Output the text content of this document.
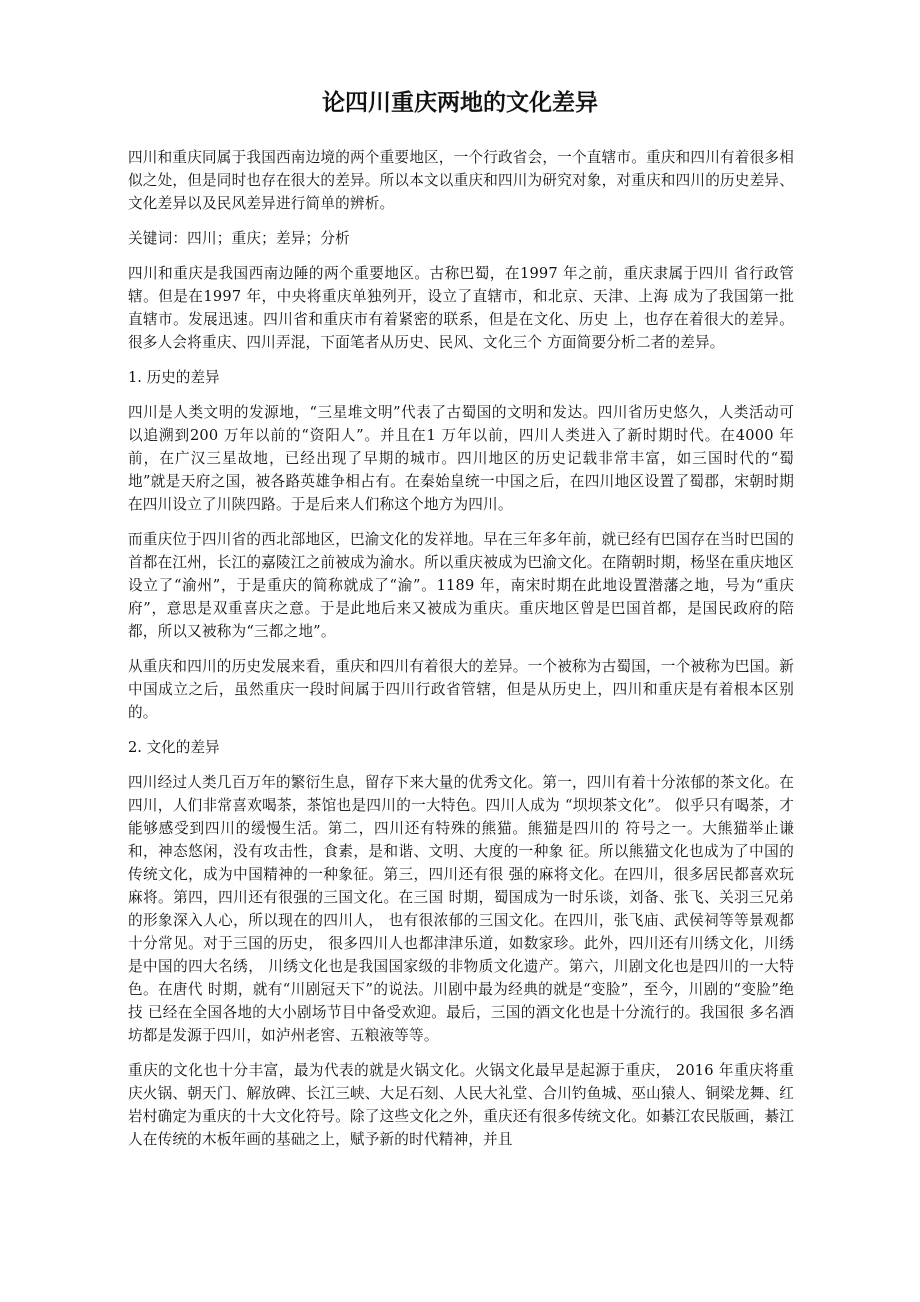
论四川重庆两地的文化差异

四川和重庆同属于我国西南边境的两个重要地区，一个行政省会，一个直辖市。重庆和四川有着很多相似之处，但是同时也存在很大的差异。所以本文以重庆和四川为研究对象，对重庆和四川的历史差异、文化差异以及民风差异进行简单的辨析。

关键词：四川；重庆；差异；分析

四川和重庆是我国西南边陲的两个重要地区。古称巴蜀，在1997 年之前，重庆隶属于四川 省行政管辖。但是在1997 年，中央将重庆单独列开，设立了直辖市，和北京、天津、上海 成为了我国第一批直辖市。发展迅速。四川省和重庆市有着紧密的联系，但是在文化、历史 上，也存在着很大的差异。很多人会将重庆、四川弄混，下面笔者从历史、民风、文化三个 方面简要分析二者的差异。

1. 历史的差异

四川是人类文明的发源地，“三星堆文明”代表了古蜀国的文明和发达。四川省历史悠久，人类活动可以追溯到200 万年以前的“资阳人”。并且在1 万年以前，四川人类进入了新时期时代。在4000 年前，在广汉三星故地，已经出现了早期的城市。四川地区的历史记载非常丰富，如三国时代的“蜀地”就是天府之国，被各路英雄争相占有。在秦始皇统一中国之后，在四川地区设置了蜀郡，宋朝时期在四川设立了川陕四路。于是后来人们称这个地方为四川。

而重庆位于四川省的西北部地区，巴渝文化的发祥地。早在三年多年前，就已经有巴国存在当时巴国的首都在江州，长江的嘉陵江之前被成为渝水。所以重庆被成为巴渝文化。在隋朝时期，杨坚在重庆地区设立了“渝州”，于是重庆的简称就成了“渝”。1189 年，南宋时期在此地设置潜藩之地，号为“重庆府”，意思是双重喜庆之意。于是此地后来又被成为重庆。重庆地区曾是巴国首都，是国民政府的陪都，所以又被称为“三都之地”。

从重庆和四川的历史发展来看，重庆和四川有着很大的差异。一个被称为古蜀国，一个被称为巴国。新中国成立之后，虽然重庆一段时间属于四川行政省管辖，但是从历史上，四川和重庆是有着根本区别的。

2. 文化的差异

四川经过人类几百万年的繁衍生息，留存下来大量的优秀文化。第一，四川有着十分浓郁的茶文化。在四川，人们非常喜欢喝茶，茶馆也是四川的一大特色。四川人成为 “坝坝茶文化”。 似乎只有喝茶，才能够感受到四川的缓慢生活。第二，四川还有特殊的熊猫。熊猫是四川的 符号之一。大熊猫举止谦和，神态悠闲，没有攻击性，食素，是和谐、文明、大度的一种象 征。所以熊猫文化也成为了中国的传统文化，成为中国精神的一种象征。第三，四川还有很 强的麻将文化。在四川，很多居民都喜欢玩麻将。第四，四川还有很强的三国文化。在三国 时期，蜀国成为一时乐谈，刘备、张飞、关羽三兄弟的形象深入人心，所以现在的四川人， 也有很浓郁的三国文化。在四川，张飞庙、武侯祠等等景观都十分常见。对于三国的历史， 很多四川人也都津津乐道，如数家珍。此外，四川还有川绣文化，川绣是中国的四大名绣， 川绣文化也是我国国家级的非物质文化遗产。第六，川剧文化也是四川的一大特色。在唐代 时期，就有“川剧冠天下”的说法。川剧中最为经典的就是“变脸”，至今，川剧的“变脸”绝技 已经在全国各地的大小剧场节目中备受欢迎。最后，三国的酒文化也是十分流行的。我国很 多名酒坊都是发源于四川，如泸州老窖、五粮液等等。

重庆的文化也十分丰富，最为代表的就是火锅文化。火锅文化最早是起源于重庆， 2016 年重庆将重庆火锅、朝天门、解放碑、长江三峡、大足石刻、人民大礼堂、合川钓鱼城、巫山猿人、铜梁龙舞、红岩村确定为重庆的十大文化符号。除了这些文化之外，重庆还有很多传统文化。如綦江农民版画，綦江人在传统的木板年画的基础之上，赋予新的时代精神，并且
